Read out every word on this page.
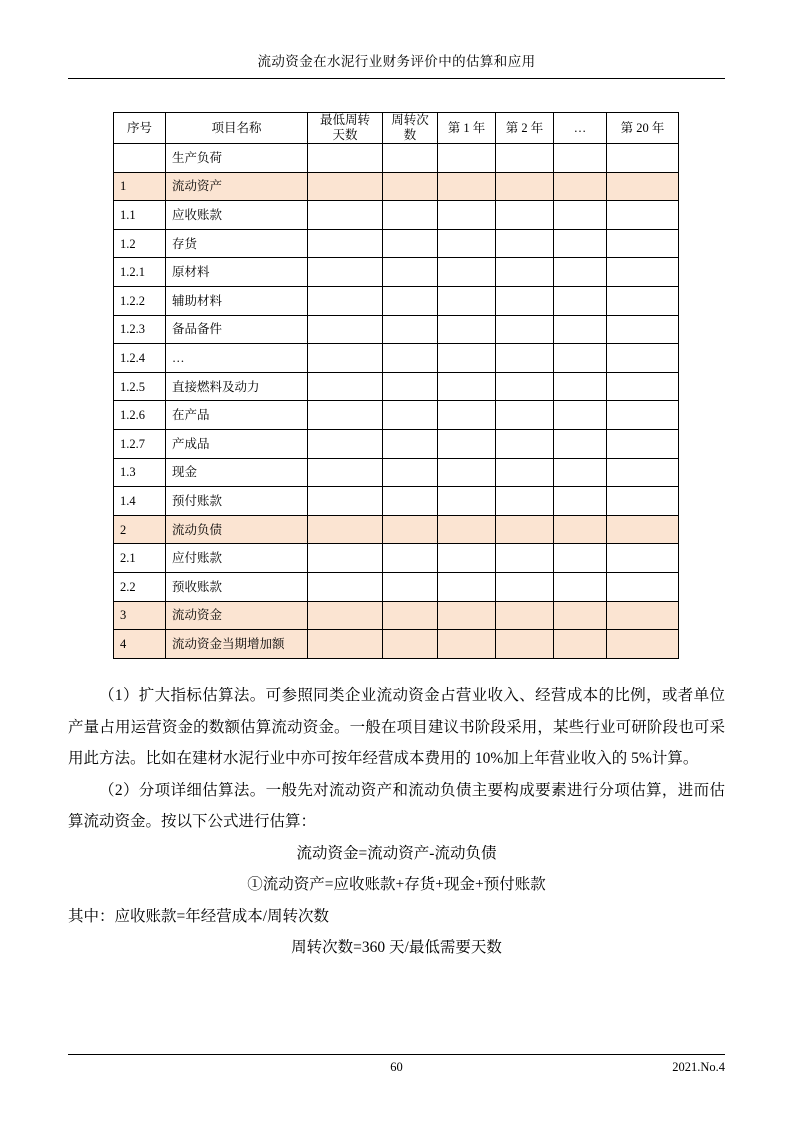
流动资金在水泥行业财务评价中的估算和应用
序号	项目名称	最低周转天数	周转次数	第 1 年	第 2 年	…	第 20 年
	生产负荷						
1	流动资产						
1.1	应收账款						
1.2	存货						
1.2.1	原材料						
1.2.2	辅助材料						
1.2.3	备品备件						
1.2.4	…						
1.2.5	直接燃料及动力						
1.2.6	在产品						
1.2.7	产成品						
1.3	现金						
1.4	预付账款						
2	流动负债						
2.1	应付账款						
2.2	预收账款						
3	流动资金						
4	流动资金当期增加额						

（1）扩大指标估算法。可参照同类企业流动资金占营业收入、经营成本的比例，或者单位产量占用运营资金的数额估算流动资金。一般在项目建议书阶段采用，某些行业可研阶段也可采用此方法。比如在建材水泥行业中亦可按年经营成本费用的 10%加上年营业收入的 5%计算。

（2）分项详细估算法。一般先对流动资产和流动负债主要构成要素进行分项估算，进而估算流动资金。按以下公式进行估算：

流动资金=流动资产-流动负债

①流动资产=应收账款+存货+现金+预付账款

其中：应收账款=年经营成本/周转次数

周转次数=360 天/最低需要天数

60	2021.No.4
